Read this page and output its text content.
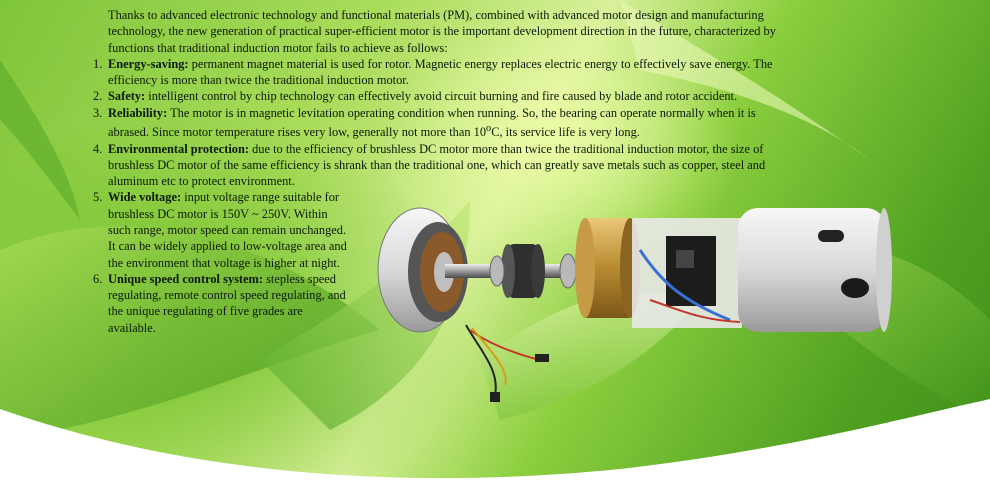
Thanks to advanced electronic technology and functional materials (PM), combined with advanced motor design and manufacturing technology, the new generation of practical super-efficient motor is the important development direction in the future, characterized by functions that traditional induction motor fails to achieve as follows:
1. Energy-saving: permanent magnet material is used for rotor. Magnetic energy replaces electric energy to effectively save energy. The efficiency is more than twice the traditional induction motor.
2. Safety: intelligent control by chip technology can effectively avoid circuit burning and fire caused by blade and rotor accident.
3. Reliability: The motor is in magnetic levitation operating condition when running. So, the bearing can operate normally when it is abrased. Since motor temperature rises very low, generally not more than 10$^o$C, its service life is very long.
4. Environmental protection: due to the efficiency of brushless DC motor more than twice the traditional induction motor, the size of brushless DC motor of the same efficiency is shrank than the traditional one, which can greatly save metals such as copper, steel and aluminum etc to protect environment.
5. Wide voltage: input voltage range suitable for brushless DC motor is 150V ~ 250V. Within such range, motor speed can remain unchanged. It can be widely applied to low-voltage area and the environment that voltage is higher at night.
6. Unique speed control system: stepless speed regulating, remote control speed regulating, and the unique regulating of five grades are available.
